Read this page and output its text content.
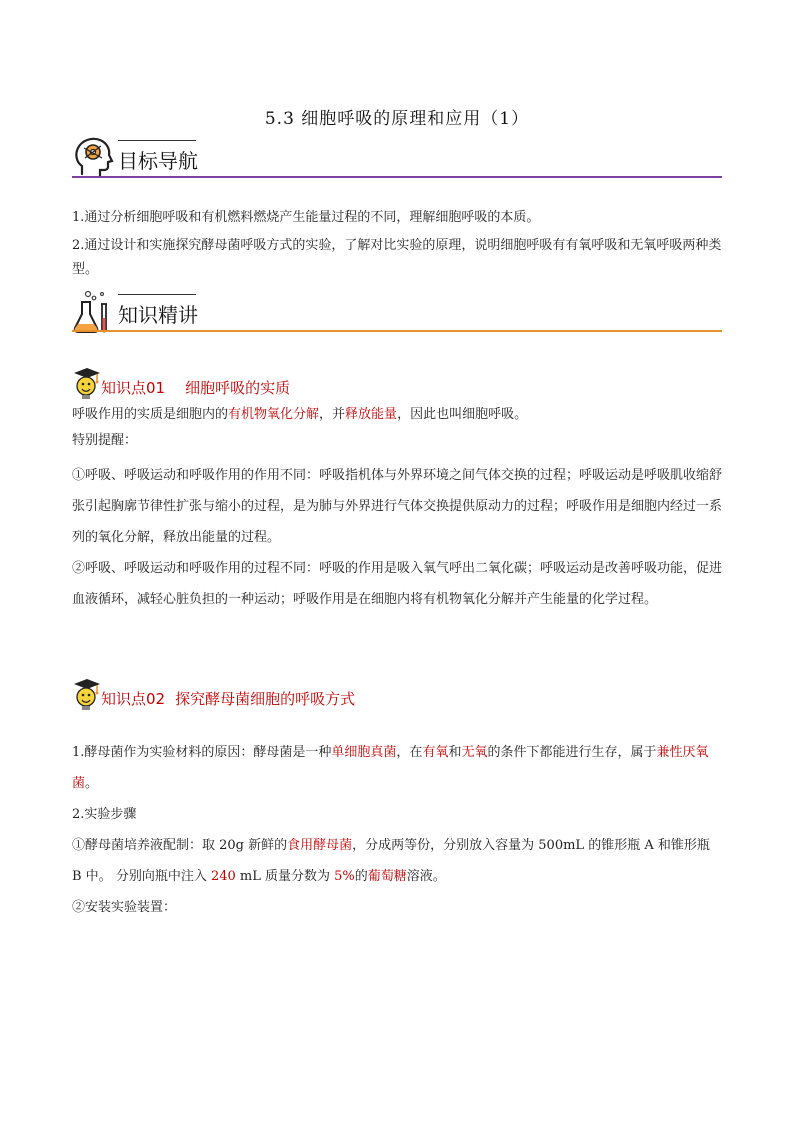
5.3 细胞呼吸的原理和应用（1）
目标导航
1.通过分析细胞呼吸和有机燃料燃烧产生能量过程的不同，理解细胞呼吸的本质。
2.通过设计和实施探究酵母菌呼吸方式的实验，了解对比实验的原理，说明细胞呼吸有有氧呼吸和无氧呼吸两种类型。
知识精讲
知识点01 细胞呼吸的实质
呼吸作用的实质是细胞内的有机物氧化分解，并释放能量，因此也叫细胞呼吸。
特别提醒：
①呼吸、呼吸运动和呼吸作用的作用不同：呼吸指机体与外界环境之间气体交换的过程；呼吸运动是呼吸肌收缩舒张引起胸廓节律性扩张与缩小的过程，是为肺与外界进行气体交换提供原动力的过程；呼吸作用是细胞内经过一系列的氧化分解，释放出能量的过程。
②呼吸、呼吸运动和呼吸作用的过程不同：呼吸的作用是吸入氧气呼出二氧化碳；呼吸运动是改善呼吸功能，促进血液循环，减轻心脏负担的一种运动；呼吸作用是在细胞内将有机物氧化分解并产生能量的化学过程。
知识点02 探究酵母菌细胞的呼吸方式
1.酵母菌作为实验材料的原因：酵母菌是一种单细胞真菌，在有氧和无氧的条件下都能进行生存，属于兼性厌氧菌。
2.实验步骤
①酵母菌培养液配制：取 20g 新鲜的食用酵母菌，分成两等份，分别放入容量为 500mL 的锥形瓶 A 和锥形瓶 B 中。 分别向瓶中注入 240 mL 质量分数为 5%的葡萄糖溶液。
②安装实验装置：
